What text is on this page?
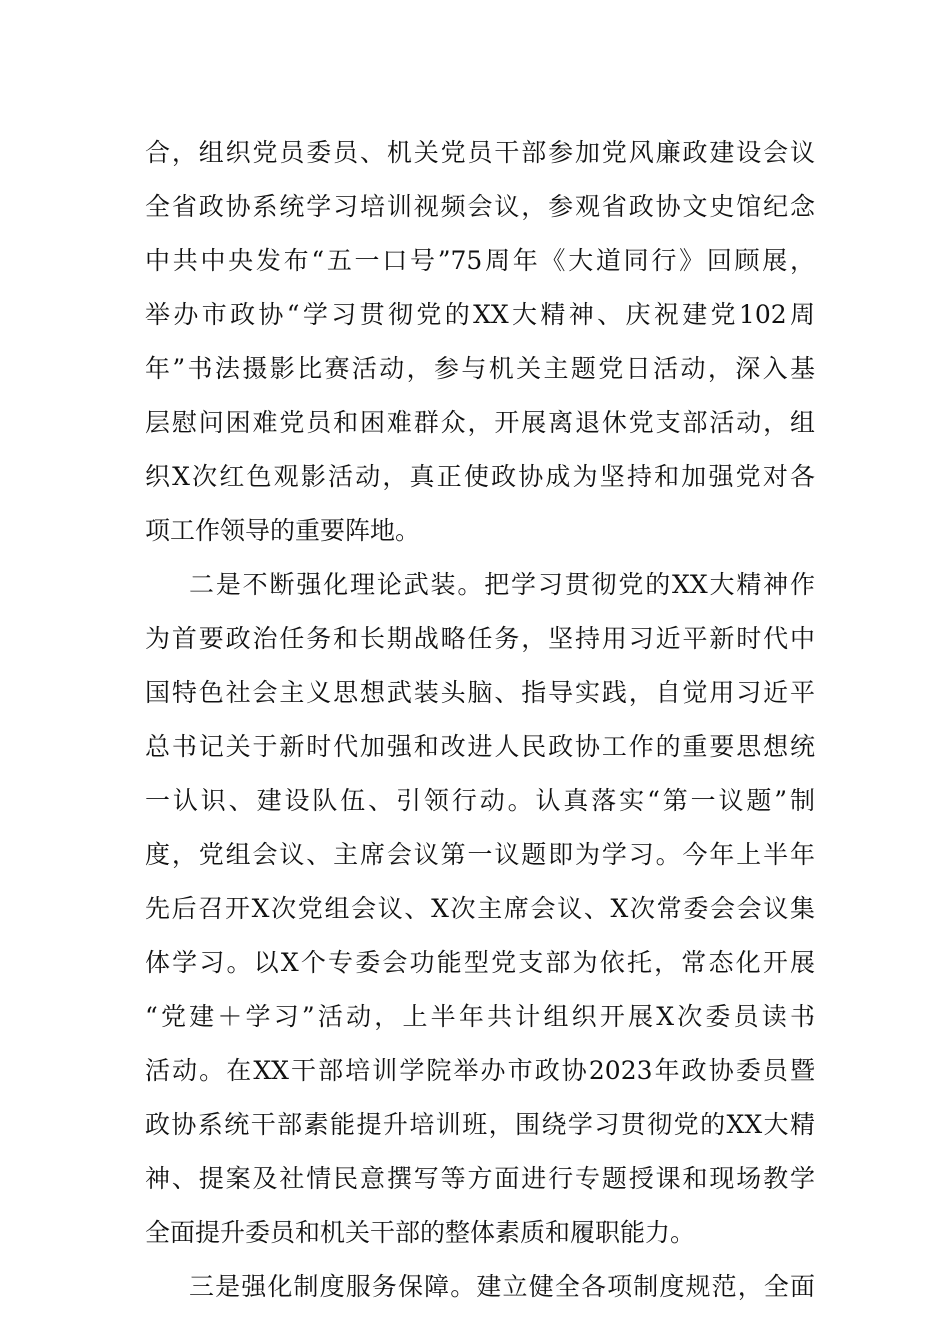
合，组织党员委员、机关党员干部参加党风廉政建设会议
全省政协系统学习培训视频会议，参观省政协文史馆纪念
中共中央发布“五一口号”75周年《大道同行》回顾展，
举办市政协“学习贯彻党的XX大精神、庆祝建党102周
年”书法摄影比赛活动，参与机关主题党日活动，深入基
层慰问困难党员和困难群众，开展离退休党支部活动，组
织X次红色观影活动，真正使政协成为坚持和加强党对各
项工作领导的重要阵地。
二是不断强化理论武装。把学习贯彻党的XX大精神作
为首要政治任务和长期战略任务，坚持用习近平新时代中
国特色社会主义思想武装头脑、指导实践，自觉用习近平
总书记关于新时代加强和改进人民政协工作的重要思想统
一认识、建设队伍、引领行动。认真落实“第一议题”制
度，党组会议、主席会议第一议题即为学习。今年上半年
先后召开X次党组会议、X次主席会议、X次常委会会议集
体学习。以X个专委会功能型党支部为依托，常态化开展
“党建＋学习”活动，上半年共计组织开展X次委员读书
活动。在XX干部培训学院举办市政协2023年政协委员暨
政协系统干部素能提升培训班，围绕学习贯彻党的XX大精
神、提案及社情民意撰写等方面进行专题授课和现场教学
全面提升委员和机关干部的整体素质和履职能力。
三是强化制度服务保障。建立健全各项制度规范，全面
